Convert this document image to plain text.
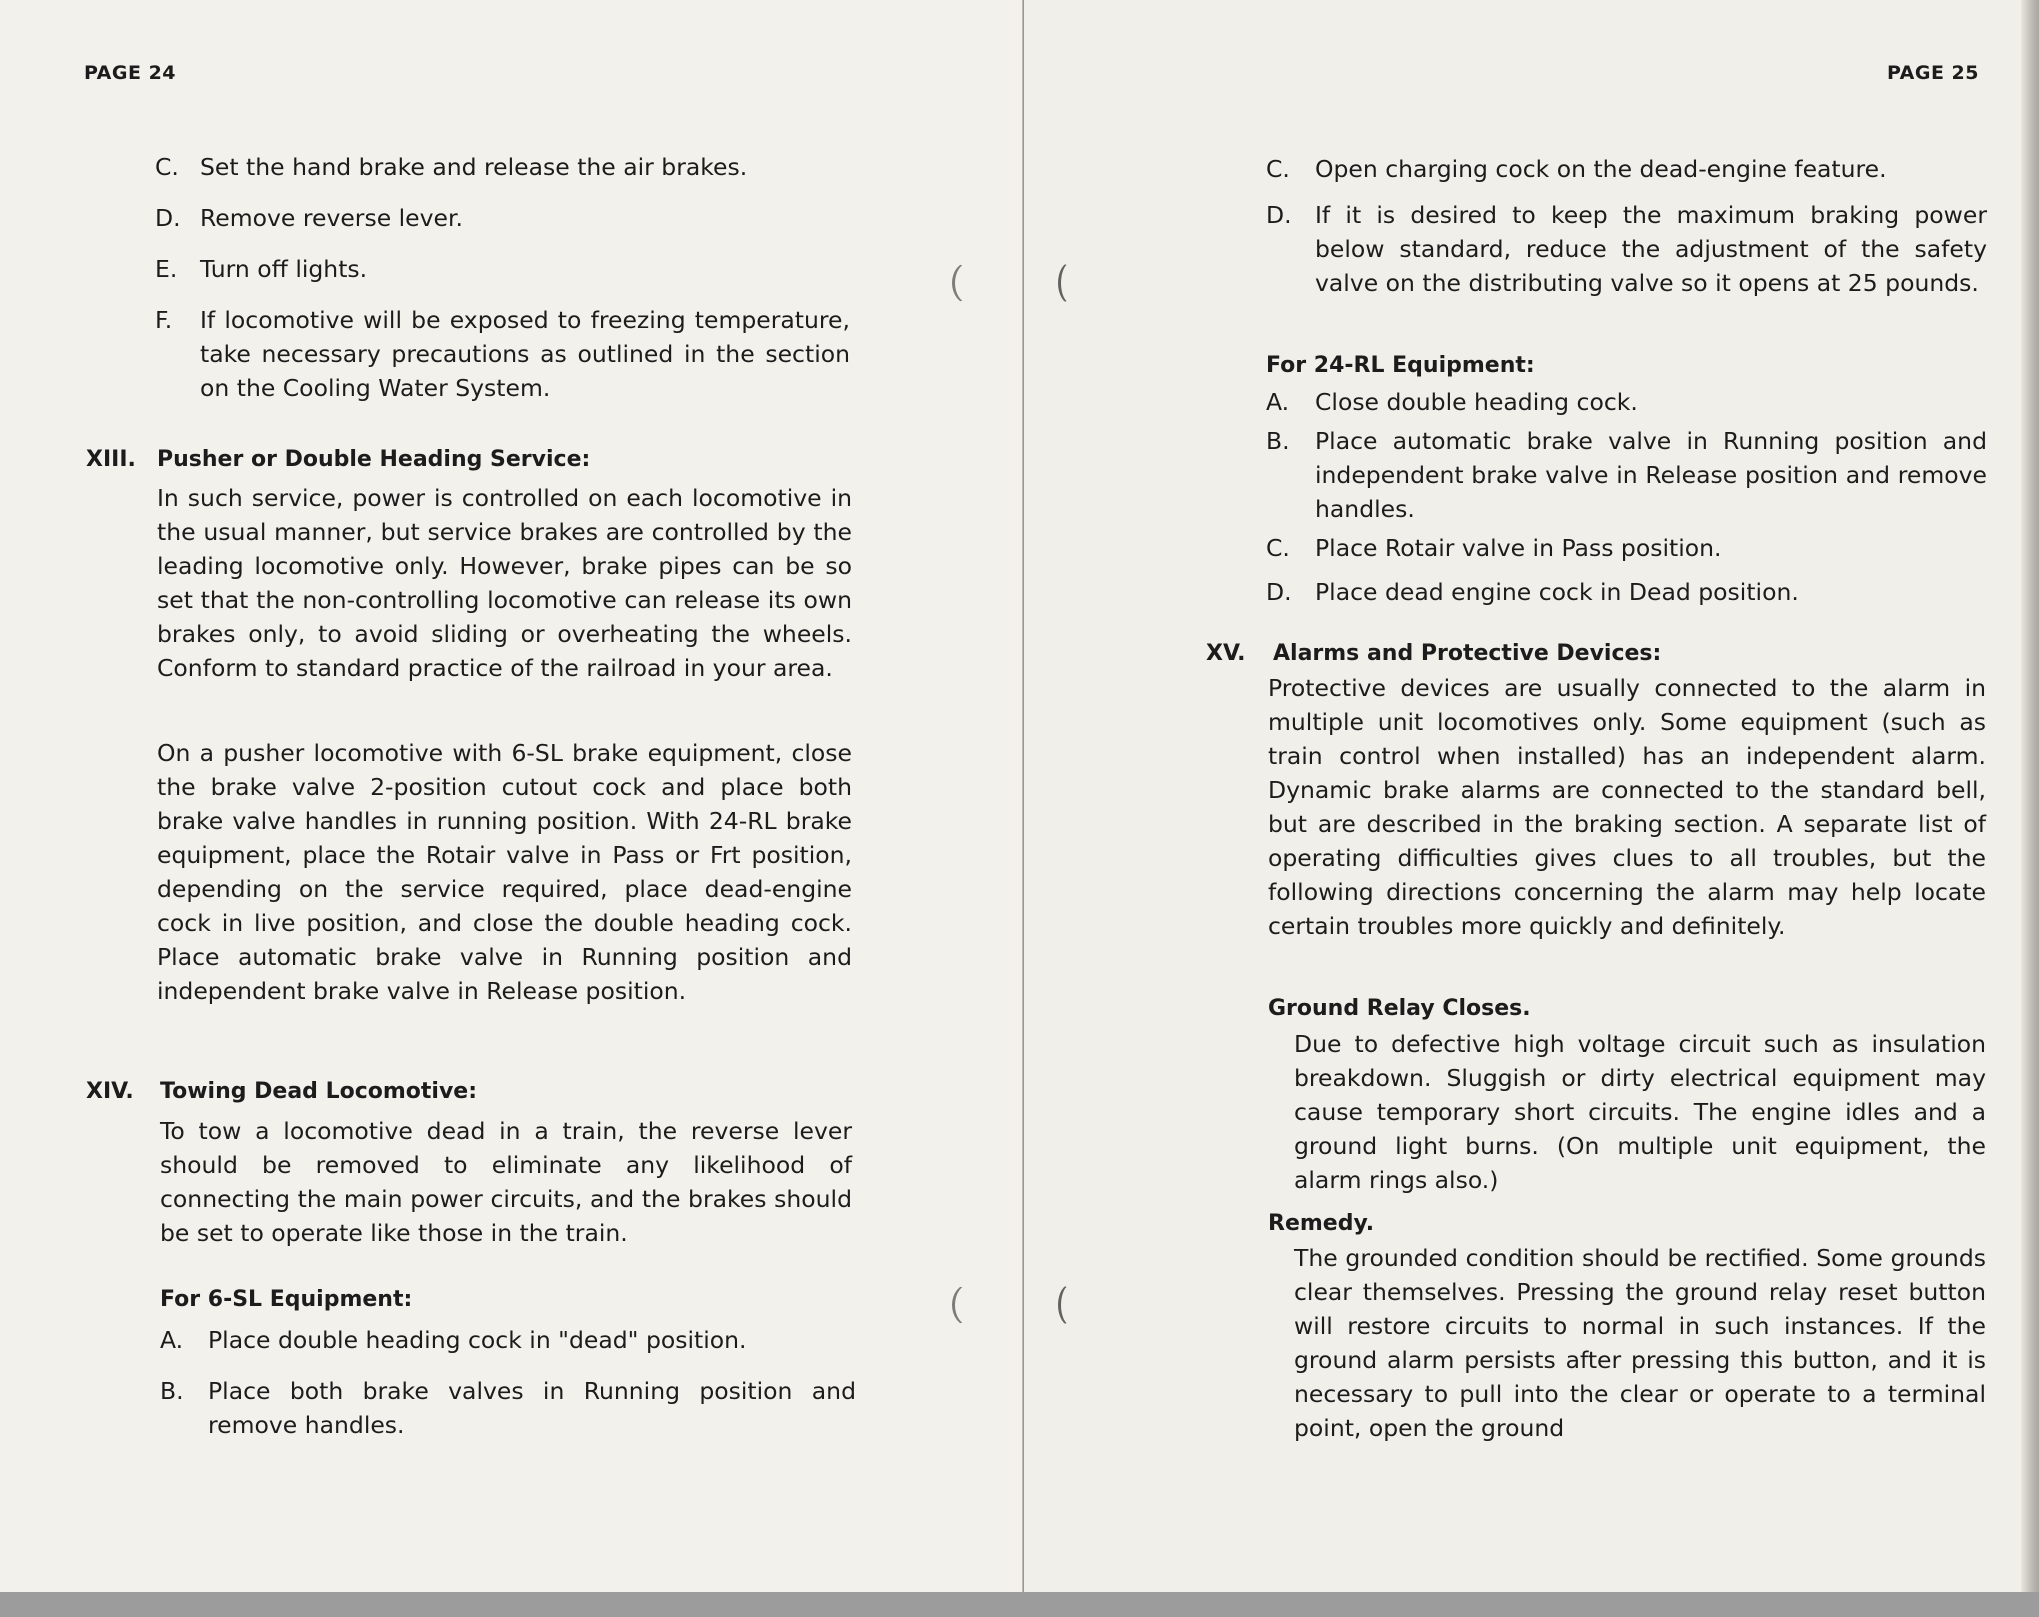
PAGE 24
C. Set the hand brake and release the air brakes.
D. Remove reverse lever.
E. Turn off lights.
F. If locomotive will be exposed to freezing temperature, take necessary precautions as outlined in the section on the Cooling Water System.
XIII. Pusher or Double Heading Service:
In such service, power is controlled on each locomotive in the usual manner, but service brakes are controlled by the leading locomotive only. However, brake pipes can be so set that the non-controlling locomotive can release its own brakes only, to avoid sliding or overheating the wheels. Conform to standard practice of the railroad in your area.
On a pusher locomotive with 6-SL brake equipment, close the brake valve 2-position cutout cock and place both brake valve handles in running position. With 24-RL brake equipment, place the Rotair valve in Pass or Frt position, depending on the service required, place dead-engine cock in live position, and close the double heading cock. Place automatic brake valve in Running position and independent brake valve in Release position.
XIV. Towing Dead Locomotive:
To tow a locomotive dead in a train, the reverse lever should be removed to eliminate any likelihood of connecting the main power circuits, and the brakes should be set to operate like those in the train.
For 6-SL Equipment:
A. Place double heading cock in "dead" position.
B. Place both brake valves in Running position and remove handles.
PAGE 25
C. Open charging cock on the dead-engine feature.
D. If it is desired to keep the maximum braking power below standard, reduce the adjustment of the safety valve on the distributing valve so it opens at 25 pounds.
For 24-RL Equipment:
A. Close double heading cock.
B. Place automatic brake valve in Running position and independent brake valve in Release position and remove handles.
C. Place Rotair valve in Pass position.
D. Place dead engine cock in Dead position.
XV. Alarms and Protective Devices:
Protective devices are usually connected to the alarm in multiple unit locomotives only. Some equipment (such as train control when installed) has an independent alarm. Dynamic brake alarms are connected to the standard bell, but are described in the braking section. A separate list of operating difficulties gives clues to all troubles, but the following directions concerning the alarm may help locate certain troubles more quickly and definitely.
Ground Relay Closes.
Due to defective high voltage circuit such as insulation breakdown. Sluggish or dirty electrical equipment may cause temporary short circuits. The engine idles and a ground light burns. (On multiple unit equipment, the alarm rings also.)
Remedy.
The grounded condition should be rectified. Some grounds clear themselves. Pressing the ground relay reset button will restore circuits to normal in such instances. If the ground alarm persists after pressing this button, and it is necessary to pull into the clear or operate to a terminal point, open the ground
